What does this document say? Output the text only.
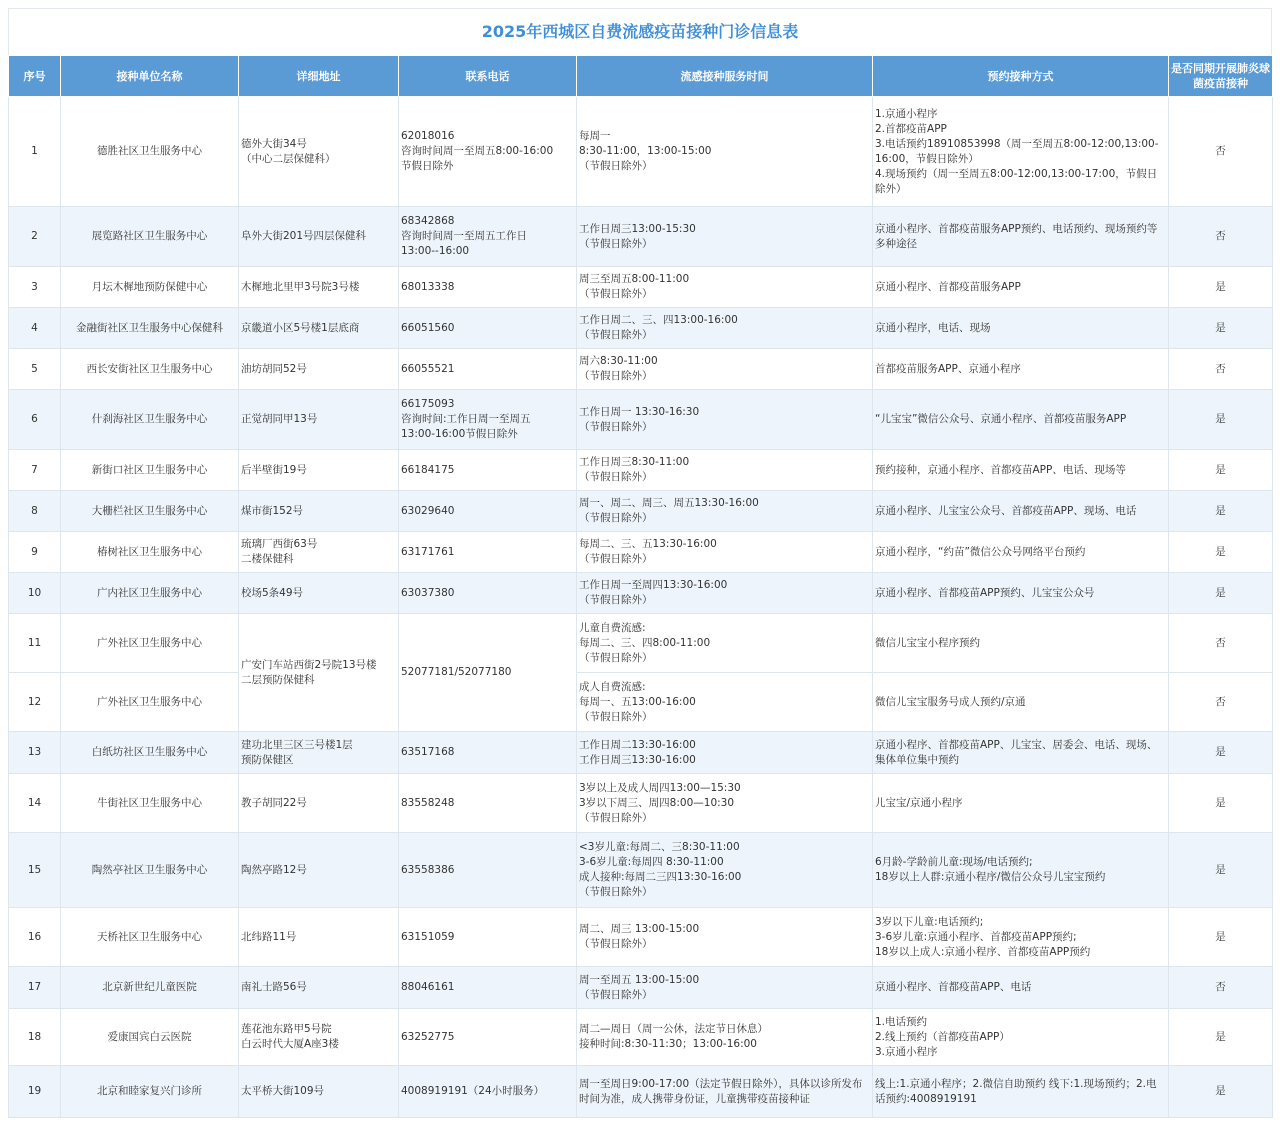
2025年西城区自费流感疫苗接种门诊信息表
序号	接种单位名称	详细地址	联系电话	流感接种服务时间	预约接种方式	是否同期开展肺炎球菌疫苗接种
1	德胜社区卫生服务中心	德外大街34号
（中心二层保健科）	62018016
咨询时间周一至周五8:00-16:00
节假日除外	每周一
8:30-11:00，13:00-15:00
（节假日除外）	1.京通小程序
2.首都疫苗APP
3.电话预约18910853998（周一至周五8:00-12:00,13:00-16:00，节假日除外）
4.现场预约（周一至周五8:00-12:00,13:00-17:00，节假日除外）	否
2	展览路社区卫生服务中心	阜外大街201号四层保健科	68342868
咨询时间周一至周五工作日
13:00--16:00	工作日周三13:00-15:30
（节假日除外）	京通小程序、首都疫苗服务APP预约、电话预约、现场预约等多种途径	否
3	月坛木樨地预防保健中心	木樨地北里甲3号院3号楼	68013338	周三至周五8:00-11:00
（节假日除外）	京通小程序、首都疫苗服务APP	是
4	金融街社区卫生服务中心保健科	京畿道小区5号楼1层底商	66051560	工作日周二、三、四13:00-16:00
（节假日除外）	京通小程序，电话、现场	是
5	西长安街社区卫生服务中心	油坊胡同52号	66055521	周六8:30-11:00
（节假日除外）	首都疫苗服务APP、京通小程序	否
6	什刹海社区卫生服务中心	正觉胡同甲13号	66175093
咨询时间:工作日周一至周五
13:00-16:00节假日除外	工作日周一 13:30-16:30
（节假日除外）	“儿宝宝”微信公众号、京通小程序、首都疫苗服务APP	是
7	新街口社区卫生服务中心	后半壁街19号	66184175	工作日周三8:30-11:00
（节假日除外）	预约接种，京通小程序、首都疫苗APP、电话、现场等	是
8	大栅栏社区卫生服务中心	煤市街152号	63029640	周一、周二、周三、周五13:30-16:00
（节假日除外）	京通小程序、儿宝宝公众号、首都疫苗APP、现场、电话	是
9	椿树社区卫生服务中心	琉璃厂西街63号
二楼保健科	63171761	每周二、三、五13:30-16:00
（节假日除外）	京通小程序，“约苗”微信公众号网络平台预约	是
10	广内社区卫生服务中心	校场5条49号	63037380	工作日周一至周四13:30-16:00
（节假日除外）	京通小程序、首都疫苗APP预约、儿宝宝公众号	是
11	广外社区卫生服务中心	广安门车站西街2号院13号楼
二层预防保健科	52077181/52077180	儿童自费流感:
每周二、三、四8:00-11:00
（节假日除外）	微信儿宝宝小程序预约	否
12	广外社区卫生服务中心			成人自费流感:
每周一、五13:00-16:00
（节假日除外）	微信儿宝宝服务号成人预约/京通	否
13	白纸坊社区卫生服务中心	建功北里三区三号楼1层
预防保健区	63517168	工作日周二13:30-16:00
工作日周三13:30-16:00	京通小程序、首都疫苗APP、儿宝宝、居委会、电话、现场、集体单位集中预约	是
14	牛街社区卫生服务中心	教子胡同22号	83558248	3岁以上及成人周四13:00—15:30
3岁以下周三、周四8:00—10:30
（节假日除外）	儿宝宝/京通小程序	是
15	陶然亭社区卫生服务中心	陶然亭路12号	63558386	<3岁儿童:每周二、三8:30-11:00
3-6岁儿童:每周四 8:30-11:00
成人接种:每周二三四13:30-16:00
（节假日除外）	6月龄-学龄前儿童:现场/电话预约;
18岁以上人群:京通小程序/微信公众号儿宝宝预约	是
16	天桥社区卫生服务中心	北纬路11号	63151059	周二、周三 13:00-15:00
（节假日除外）	3岁以下儿童:电话预约;
3-6岁儿童:京通小程序、首都疫苗APP预约;
18岁以上成人:京通小程序、首都疫苗APP预约	是
17	北京新世纪儿童医院	南礼士路56号	88046161	周一至周五 13:00-15:00
（节假日除外）	京通小程序、首都疫苗APP、电话	否
18	爱康国宾白云医院	莲花池东路甲5号院
白云时代大厦A座3楼	63252775	周二—周日（周一公休，法定节日休息）
接种时间:8:30-11:30；13:00-16:00	1.电话预约
2.线上预约（首都疫苗APP）
3.京通小程序	是
19	北京和睦家复兴门诊所	太平桥大街109号	4008919191（24小时服务）	周一至周日9:00-17:00（法定节假日除外），具体以诊所发布时间为准，成人携带身份证，儿童携带疫苗接种证	线上:1.京通小程序；2.微信自助预约 线下:1.现场预约；2.电话预约:4008919191	是
